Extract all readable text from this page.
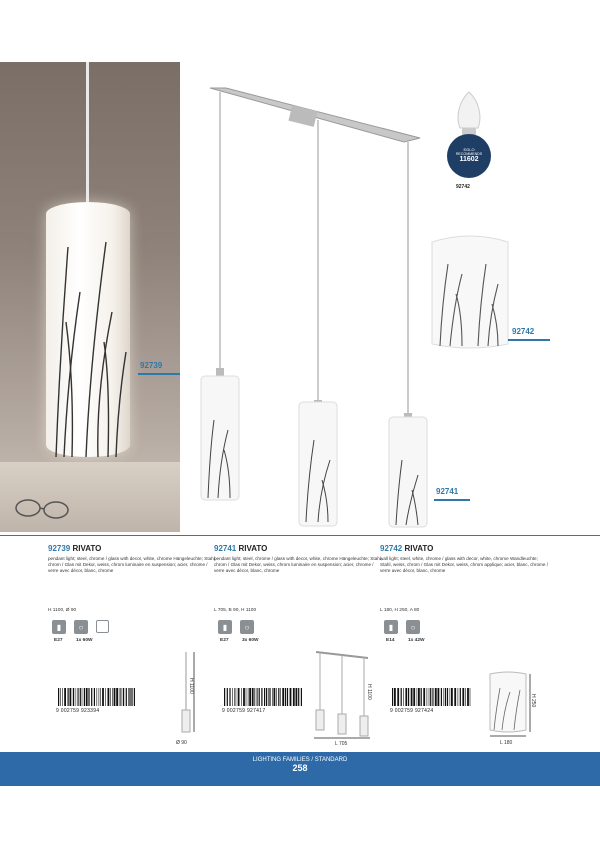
92739
92741
EGLO
RECOMMENDS
11602
92742
92742
92739 RIVATO
pendant light; steel, chrome / glass with decor, white, chrome Hängeleuchte; Stahl, chrom / Glas mit Dekor, weiss, chrom luminaire en suspension; acier, chrome / verre avec décor, blanc, chrome
92741 RIVATO
pendant light; steel, chrome / glass with decor, white, chrome Hängeleuchte; Stahl, chrom / Glas mit Dekor, weiss, chrom luminaire en suspension; acier, chrome / verre avec décor, blanc, chrome
92742 RIVATO
wall light; steel, white, chrome / glass with decor, white, chrome Wandleuchte; Stahl, weiss, chrom / Glas mit Dekor, weiss, chrom applique; acier, blanc, chrome / verre avec décor, blanc, chrome
H 1100, Ø 90	L 705, B 90, H 1100	L 180, H 250, A 80
▮	○
E27	1x 60W
▮	○
E27	3x 60W
▮	○
E14	1x 42W
9 002759 923394	9 002759 927417	9 002759 927424
H 1100
Ø 90
H 1100
L 705
H 250
L 180
LIGHTING FAMILIES / STANDARD
258
